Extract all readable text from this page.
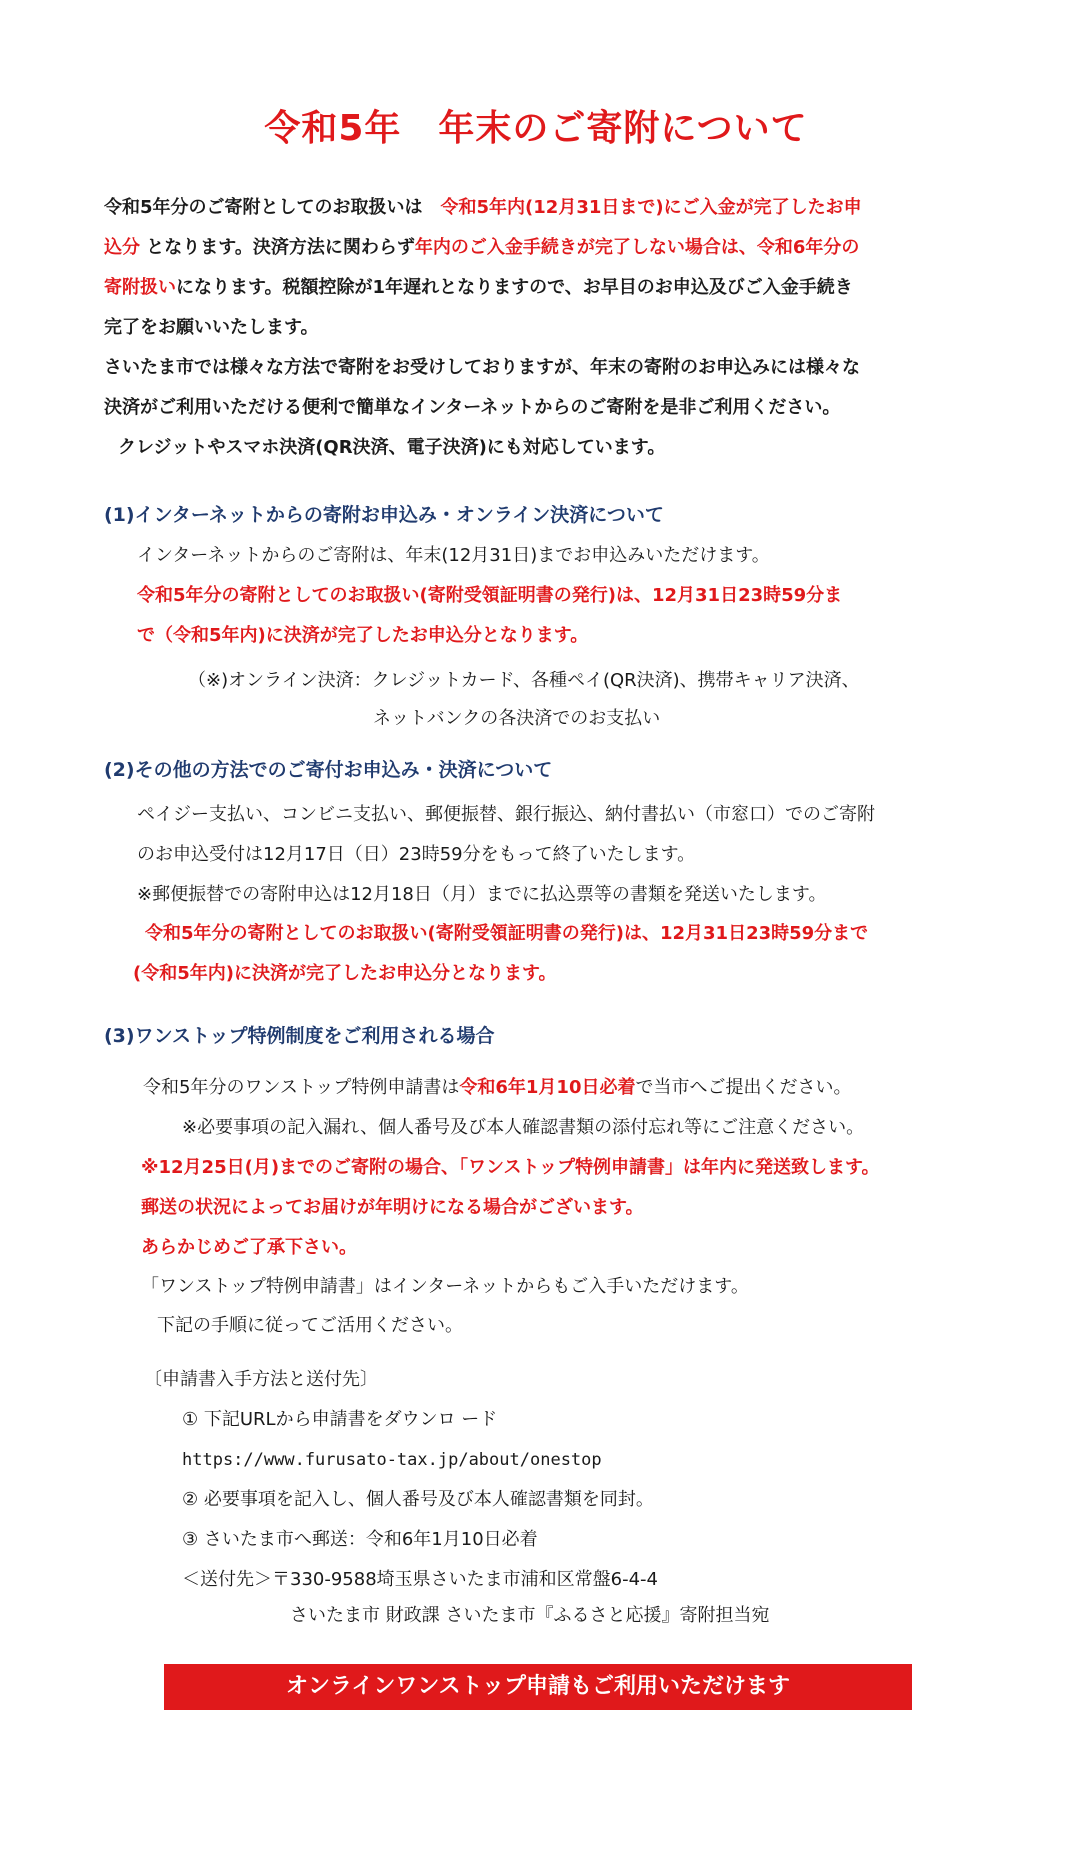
令和5年　年末のご寄附について
令和5年分のご寄附としてのお取扱いは　 令和5年内(12月31日まで)にご入金が完了したお申
込分 となります。決済方法に関わらず年内のご入金手続きが完了しない場合は、令和6年分の
寄附扱いになります。税額控除が1年遅れとなりますので、お早目のお申込及びご入金手続き
完了をお願いいたします。
さいたま市では様々な方法で寄附をお受けしておりますが、年末の寄附のお申込みには様々な
決済がご利用いただける便利で簡単なインターネットからのご寄附を是非ご利用ください。
クレジットやスマホ決済(QR決済、電子決済)にも対応しています。
(1)インターネットからの寄附お申込み・オンライン決済について
インターネットからのご寄附は、年末(12月31日)までお申込みいただけます。
令和5年分の寄附としてのお取扱い(寄附受領証明書の発行)は、12月31日23時59分ま
で（令和5年内)に決済が完了したお申込分となります。
（※)オンライン決済：クレジットカード、各種ペイ(QR決済)、携帯キャリア決済、
ネットバンクの各決済でのお支払い
(2)その他の方法でのご寄付お申込み・決済について
ペイジー支払い、コンビニ支払い、郵便振替、銀行振込、納付書払い（市窓口）でのご寄附
のお申込受付は12月17日（日）23時59分をもって終了いたします。
※郵便振替での寄附申込は12月18日（月）までに払込票等の書類を発送いたします。
令和5年分の寄附としてのお取扱い(寄附受領証明書の発行)は、12月31日23時59分まで
(令和5年内)に決済が完了したお申込分となります。
(3)ワンストップ特例制度をご利用される場合
令和5年分のワンストップ特例申請書は令和6年1月10日必着で当市へご提出ください。
※必要事項の記入漏れ、個人番号及び本人確認書類の添付忘れ等にご注意ください。
※12月25日(月)までのご寄附の場合、「ワンストップ特例申請書」は年内に発送致します。
郵送の状況によってお届けが年明けになる場合がございます。
あらかじめご了承下さい。
「ワンストップ特例申請書」はインターネットからもご入手いただけます。
下記の手順に従ってご活用ください。
〔申請書入手方法と送付先〕
① 下記URLから申請書をダウンロ ード
https://www.furusato-tax.jp/about/onestop
② 必要事項を記入し、個人番号及び本人確認書類を同封。
③ さいたま市へ郵送：令和6年1月10日必着
＜送付先＞〒330-9588埼玉県さいたま市浦和区常盤6-4-4
さいたま市 財政課 さいたま市『ふるさと応援』寄附担当宛
オンラインワンストップ申請もご利用いただけます
